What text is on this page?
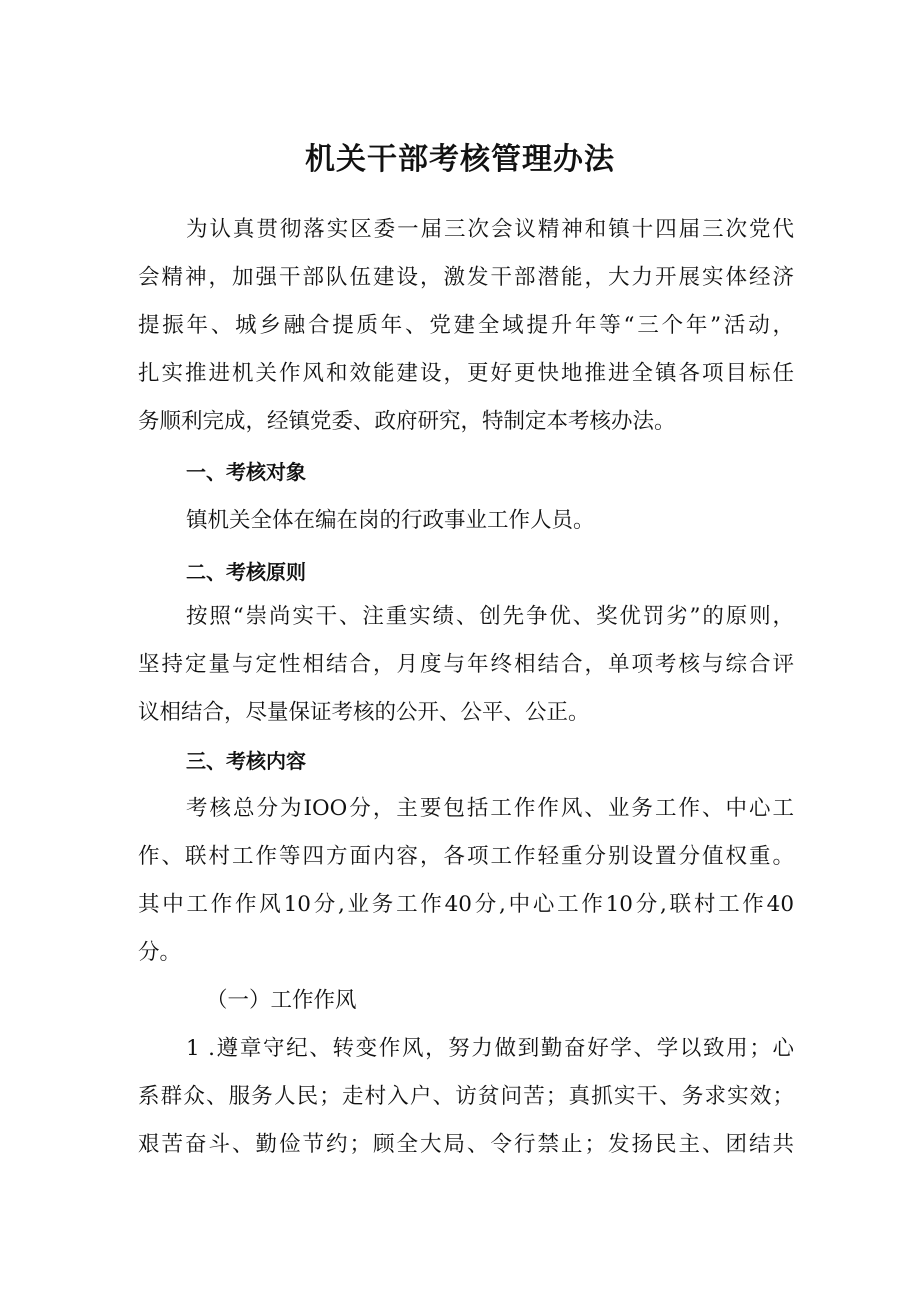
机关干部考核管理办法
为认真贯彻落实区委一届三次会议精神和镇十四届三次党代
会精神，加强干部队伍建设，激发干部潜能，大力开展实体经济
提振年、城乡融合提质年、党建全域提升年等“三个年”活动，
扎实推进机关作风和效能建设，更好更快地推进全镇各项目标任
务顺利完成，经镇党委、政府研究，特制定本考核办法。
一、考核对象
镇机关全体在编在岗的行政事业工作人员。
二、考核原则
按照“崇尚实干、注重实绩、创先争优、奖优罚劣”的原则，
坚持定量与定性相结合，月度与年终相结合，单项考核与综合评
议相结合，尽量保证考核的公开、公平、公正。
三、考核内容
考核总分为IOO分，主要包括工作作风、业务工作、中心工
作、联村工作等四方面内容，各项工作轻重分别设置分值权重。
其中工作作风10分,业务工作40分,中心工作10分,联村工作40
分。
（一）工作作风
1 .遵章守纪、转变作风，努力做到勤奋好学、学以致用；心
系群众、服务人民；走村入户、访贫问苦；真抓实干、务求实效；
艰苦奋斗、勤俭节约；顾全大局、令行禁止；发扬民主、团结共
